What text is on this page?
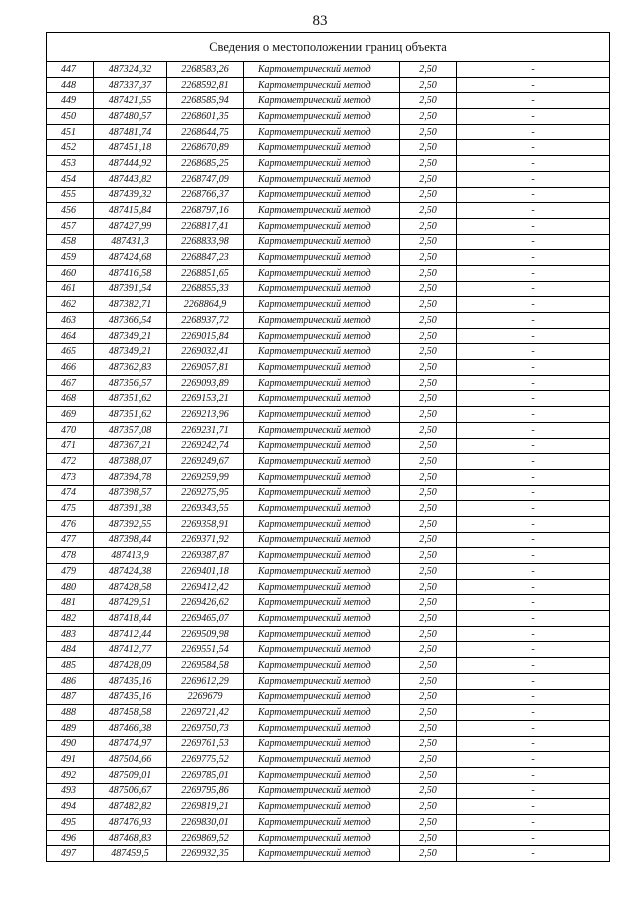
83
Сведения о местоположении границ объекта					
447	487324,32	2268583,26	Картометрический метод	2,50	-
448	487337,37	2268592,81	Картометрический метод	2,50	-
449	487421,55	2268585,94	Картометрический метод	2,50	-
450	487480,57	2268601,35	Картометрический метод	2,50	-
451	487481,74	2268644,75	Картометрический метод	2,50	-
452	487451,18	2268670,89	Картометрический метод	2,50	-
453	487444,92	2268685,25	Картометрический метод	2,50	-
454	487443,82	2268747,09	Картометрический метод	2,50	-
455	487439,32	2268766,37	Картометрический метод	2,50	-
456	487415,84	2268797,16	Картометрический метод	2,50	-
457	487427,99	2268817,41	Картометрический метод	2,50	-
458	487431,3	2268833,98	Картометрический метод	2,50	-
459	487424,68	2268847,23	Картометрический метод	2,50	-
460	487416,58	2268851,65	Картометрический метод	2,50	-
461	487391,54	2268855,33	Картометрический метод	2,50	-
462	487382,71	2268864,9	Картометрический метод	2,50	-
463	487366,54	2268937,72	Картометрический метод	2,50	-
464	487349,21	2269015,84	Картометрический метод	2,50	-
465	487349,21	2269032,41	Картометрический метод	2,50	-
466	487362,83	2269057,81	Картометрический метод	2,50	-
467	487356,57	2269093,89	Картометрический метод	2,50	-
468	487351,62	2269153,21	Картометрический метод	2,50	-
469	487351,62	2269213,96	Картометрический метод	2,50	-
470	487357,08	2269231,71	Картометрический метод	2,50	-
471	487367,21	2269242,74	Картометрический метод	2,50	-
472	487388,07	2269249,67	Картометрический метод	2,50	-
473	487394,78	2269259,99	Картометрический метод	2,50	-
474	487398,57	2269275,95	Картометрический метод	2,50	-
475	487391,38	2269343,55	Картометрический метод	2,50	-
476	487392,55	2269358,91	Картометрический метод	2,50	-
477	487398,44	2269371,92	Картометрический метод	2,50	-
478	487413,9	2269387,87	Картометрический метод	2,50	-
479	487424,38	2269401,18	Картометрический метод	2,50	-
480	487428,58	2269412,42	Картометрический метод	2,50	-
481	487429,51	2269426,62	Картометрический метод	2,50	-
482	487418,44	2269465,07	Картометрический метод	2,50	-
483	487412,44	2269509,98	Картометрический метод	2,50	-
484	487412,77	2269551,54	Картометрический метод	2,50	-
485	487428,09	2269584,58	Картометрический метод	2,50	-
486	487435,16	2269612,29	Картометрический метод	2,50	-
487	487435,16	2269679	Картометрический метод	2,50	-
488	487458,58	2269721,42	Картометрический метод	2,50	-
489	487466,38	2269750,73	Картометрический метод	2,50	-
490	487474,97	2269761,53	Картометрический метод	2,50	-
491	487504,66	2269775,52	Картометрический метод	2,50	-
492	487509,01	2269785,01	Картометрический метод	2,50	-
493	487506,67	2269795,86	Картометрический метод	2,50	-
494	487482,82	2269819,21	Картометрический метод	2,50	-
495	487476,93	2269830,01	Картометрический метод	2,50	-
496	487468,83	2269869,52	Картометрический метод	2,50	-
497	487459,5	2269932,35	Картометрический метод	2,50	-
